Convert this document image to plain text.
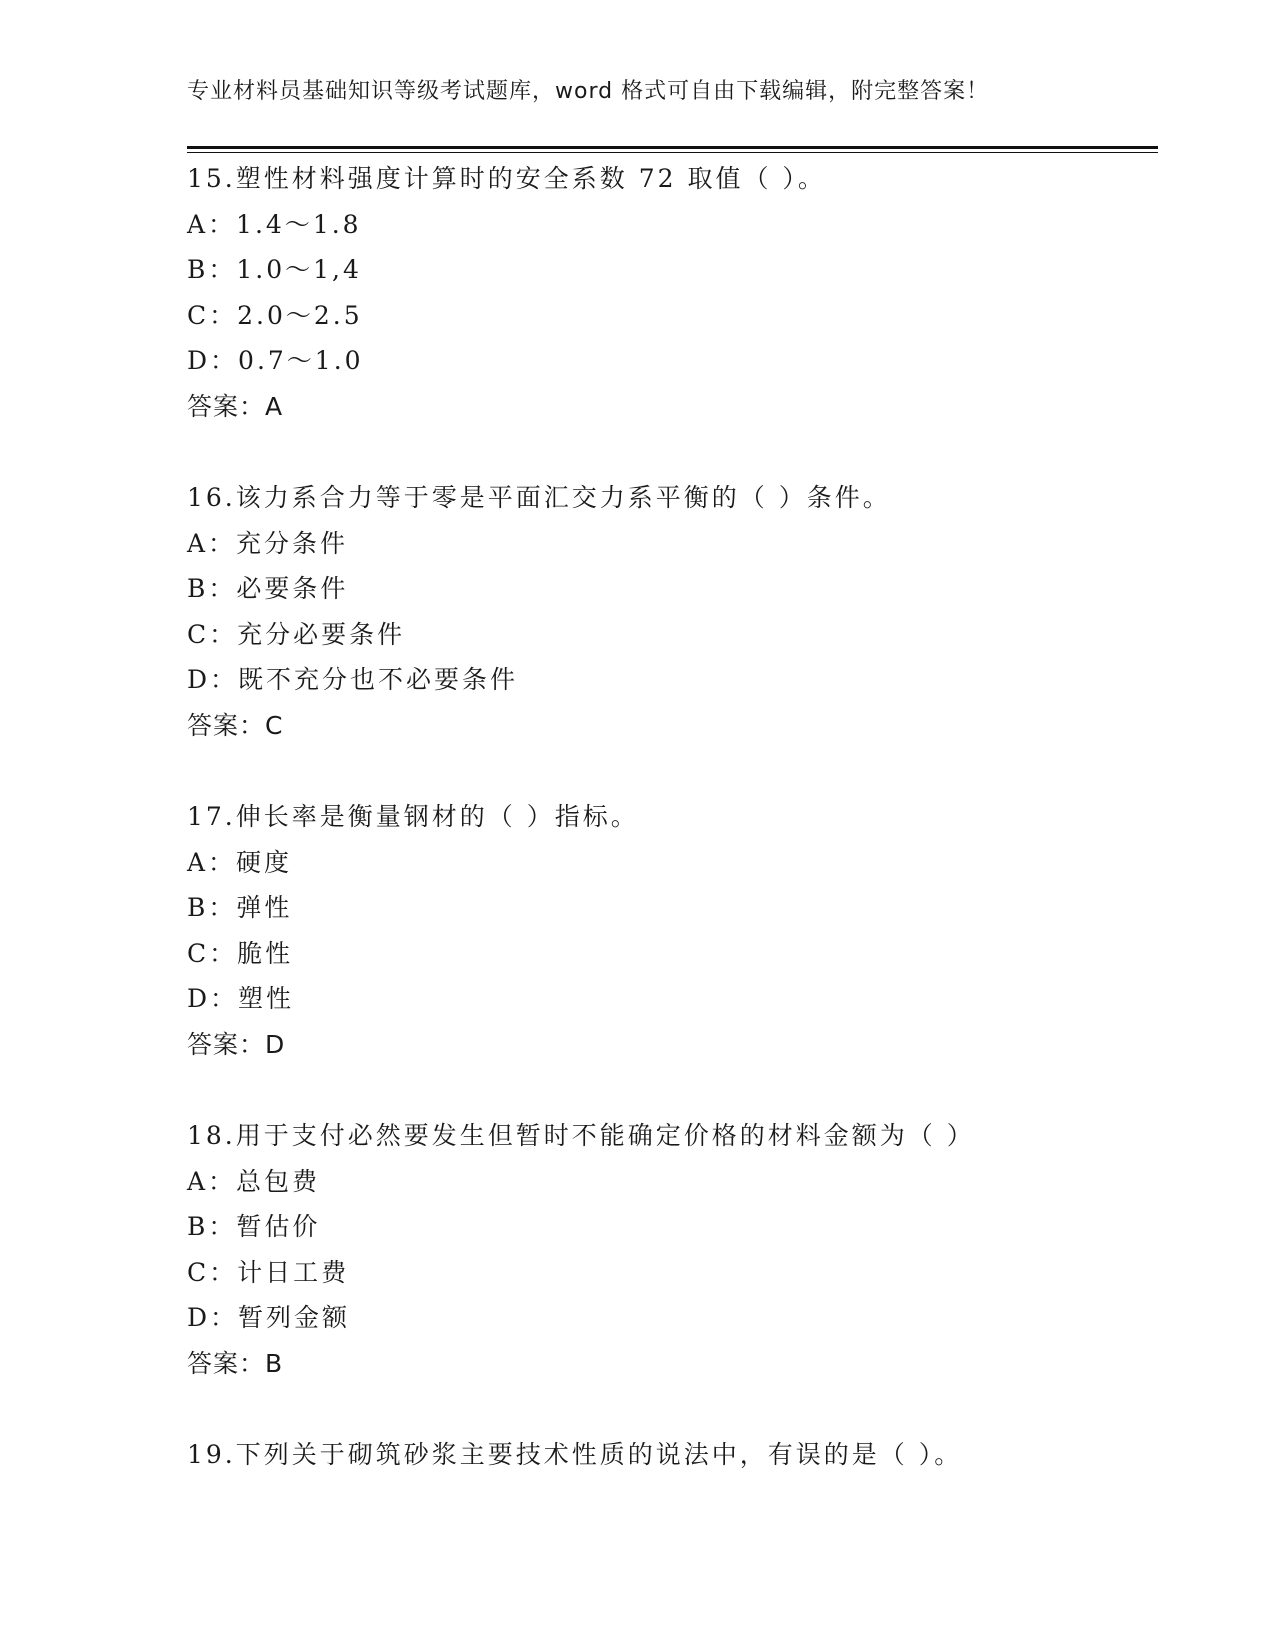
专业材料员基础知识等级考试题库，word 格式可自由下载编辑，附完整答案！
15.塑性材料强度计算时的安全系数 72 取值（ ）。
A：1.4～1.8
B：1.0～1,4
C：2.0～2.5
D：0.7～1.0
答案：A
16.该力系合力等于零是平面汇交力系平衡的（ ）条件。
A：充分条件
B：必要条件
C：充分必要条件
D：既不充分也不必要条件
答案：C
17.伸长率是衡量钢材的（ ）指标。
A：硬度
B：弹性
C：脆性
D：塑性
答案：D
18.用于支付必然要发生但暂时不能确定价格的材料金额为（ ）
A：总包费
B：暂估价
C：计日工费
D：暂列金额
答案：B
19.下列关于砌筑砂浆主要技术性质的说法中，有误的是（ ）。
